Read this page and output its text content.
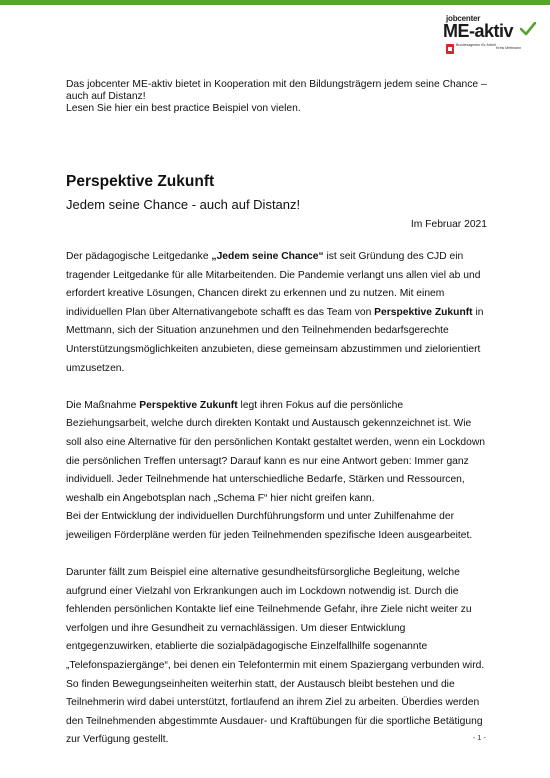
jobcenter
ME-aktiv
Bundesagentur für Arbeit
Kreis Mettmann

Das jobcenter ME-aktiv bietet in Kooperation mit den Bildungsträgern jedem seine Chance –

auch auf Distanz!

Lesen Sie hier ein best practice Beispiel von vielen.

Perspektive Zukunft
Jedem seine Chance - auch auf Distanz!
Im Februar 2021

Der pädagogische Leitgedanke „Jedem seine Chance“ ist seit Gründung des CJD ein tragender Leitgedanke für alle Mitarbeitenden. Die Pandemie verlangt uns allen viel ab und erfordert kreative Lösungen, Chancen direkt zu erkennen und zu nutzen. Mit einem individuellen Plan über Alternativangebote schafft es das Team von Perspektive Zukunft in Mettmann, sich der Situation anzunehmen und den Teilnehmenden bedarfsgerechte Unterstützungsmöglichkeiten anzubieten, diese gemeinsam abzustimmen und zielorientiert umzusetzen.

Die Maßnahme Perspektive Zukunft legt ihren Fokus auf die persönliche Beziehungsarbeit, welche durch direkten Kontakt und Austausch gekennzeichnet ist. Wie soll also eine Alternative für den persönlichen Kontakt gestaltet werden, wenn ein Lockdown die persönlichen Treffen untersagt? Darauf kann es nur eine Antwort geben: Immer ganz individuell. Jeder Teilnehmende hat unterschiedliche Bedarfe, Stärken und Ressourcen, weshalb ein Angebotsplan nach „Schema F“ hier nicht greifen kann.

Bei der Entwicklung der individuellen Durchführungsform und unter Zuhilfenahme der jeweiligen Förderpläne werden für jeden Teilnehmenden spezifische Ideen ausgearbeitet.

Darunter fällt zum Beispiel eine alternative gesundheitsfürsorgliche Begleitung, welche aufgrund einer Vielzahl von Erkrankungen auch im Lockdown notwendig ist. Durch die fehlenden persönlichen Kontakte lief eine Teilnehmende Gefahr, ihre Ziele nicht weiter zu verfolgen und ihre Gesundheit zu vernachlässigen. Um dieser Entwicklung entgegenzuwirken, etablierte die sozialpädagogische Einzelfallhilfe sogenannte „Telefonspaziergänge“, bei denen ein Telefontermin mit einem Spaziergang verbunden wird. So finden Bewegungseinheiten weiterhin statt, der Austausch bleibt bestehen und die Teilnehmerin wird dabei unterstützt, fortlaufend an ihrem Ziel zu arbeiten. Überdies werden den Teilnehmenden abgestimmte Ausdauer- und Kraftübungen für die sportliche Betätigung zur Verfügung gestellt.	- 1 -
